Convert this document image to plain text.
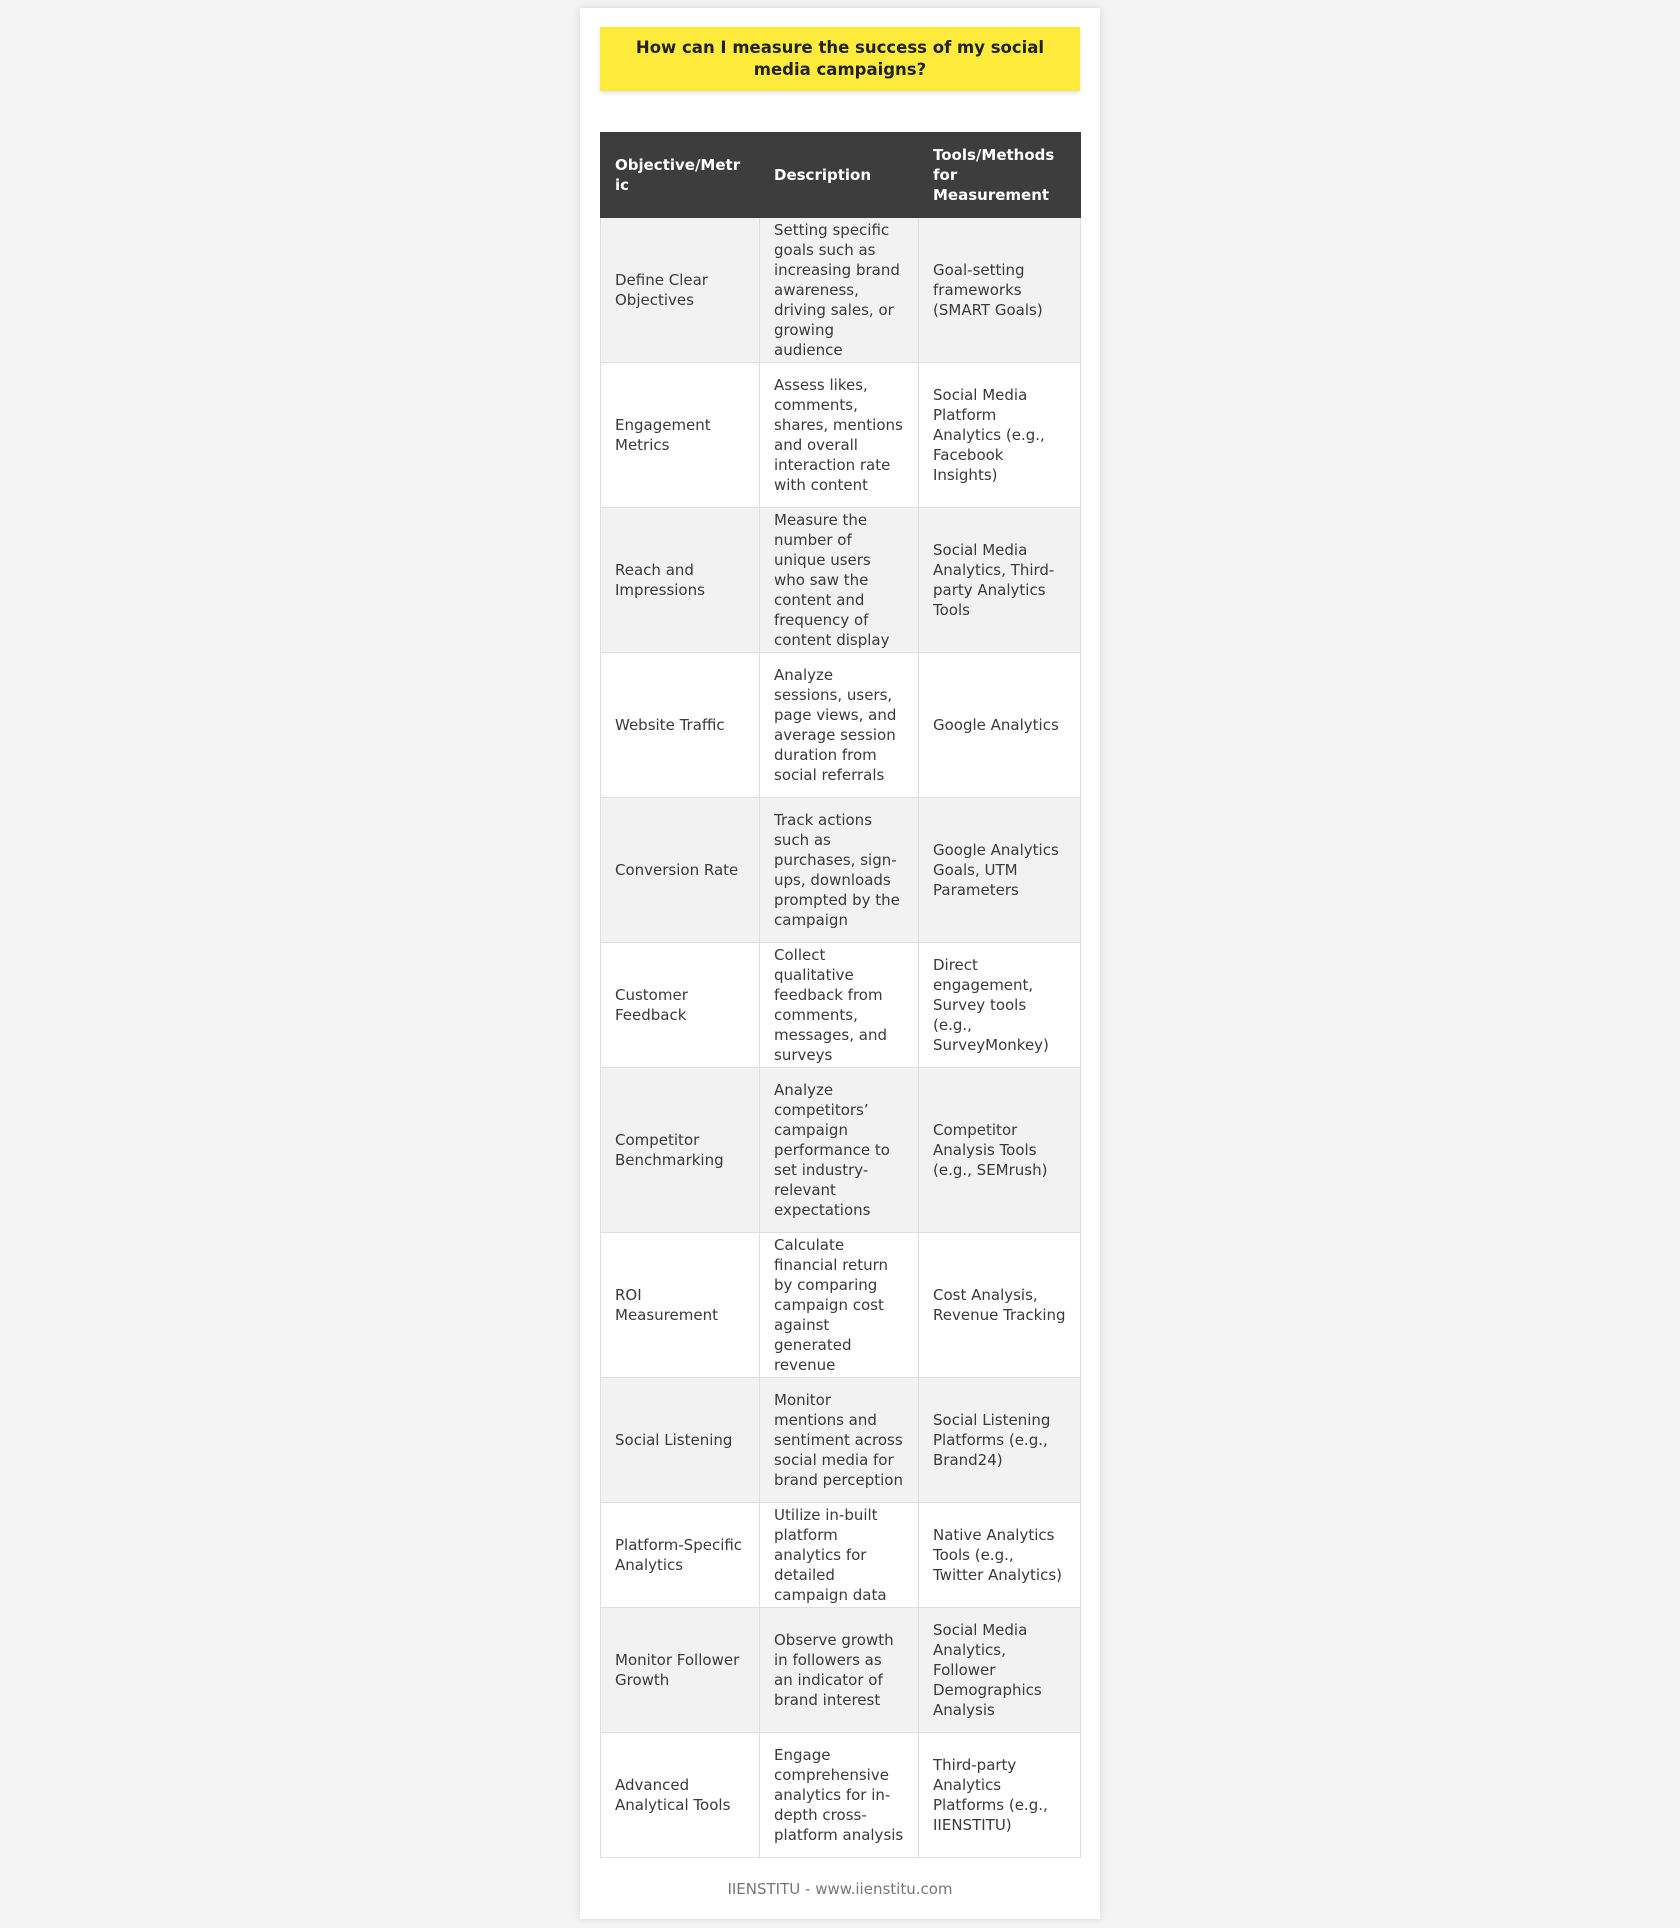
How can I measure the success of my social media campaigns?
Objective/Metric	Description	Tools/Methods for Measurement
Define Clear Objectives	Setting specific goals such as increasing brand awareness, driving sales, or growing audience	Goal-setting frameworks (SMART Goals)
Engagement Metrics	Assess likes, comments, shares, mentions and overall interaction rate with content	Social Media Platform Analytics (e.g., Facebook Insights)
Reach and Impressions	Measure the number of unique users who saw the content and frequency of content display	Social Media Analytics, Third-party Analytics Tools
Website Traffic	Analyze sessions, users, page views, and average session duration from social referrals	Google Analytics
Conversion Rate	Track actions such as purchases, sign-ups, downloads prompted by the campaign	Google Analytics Goals, UTM Parameters
Customer Feedback	Collect qualitative feedback from comments, messages, and surveys	Direct engagement, Survey tools (e.g., SurveyMonkey)
Competitor Benchmarking	Analyze competitors’ campaign performance to set industry-relevant expectations	Competitor Analysis Tools (e.g., SEMrush)
ROI Measurement	Calculate financial return by comparing campaign cost against generated revenue	Cost Analysis, Revenue Tracking
Social Listening	Monitor mentions and sentiment across social media for brand perception	Social Listening Platforms (e.g., Brand24)
Platform-Specific Analytics	Utilize in-built platform analytics for detailed campaign data	Native Analytics Tools (e.g., Twitter Analytics)
Monitor Follower Growth	Observe growth in followers as an indicator of brand interest	Social Media Analytics, Follower Demographics Analysis
Advanced Analytical Tools	Engage comprehensive analytics for in-depth cross-platform analysis	Third-party Analytics Platforms (e.g., IIENSTITU)
IIENSTITU - www.iienstitu.com
